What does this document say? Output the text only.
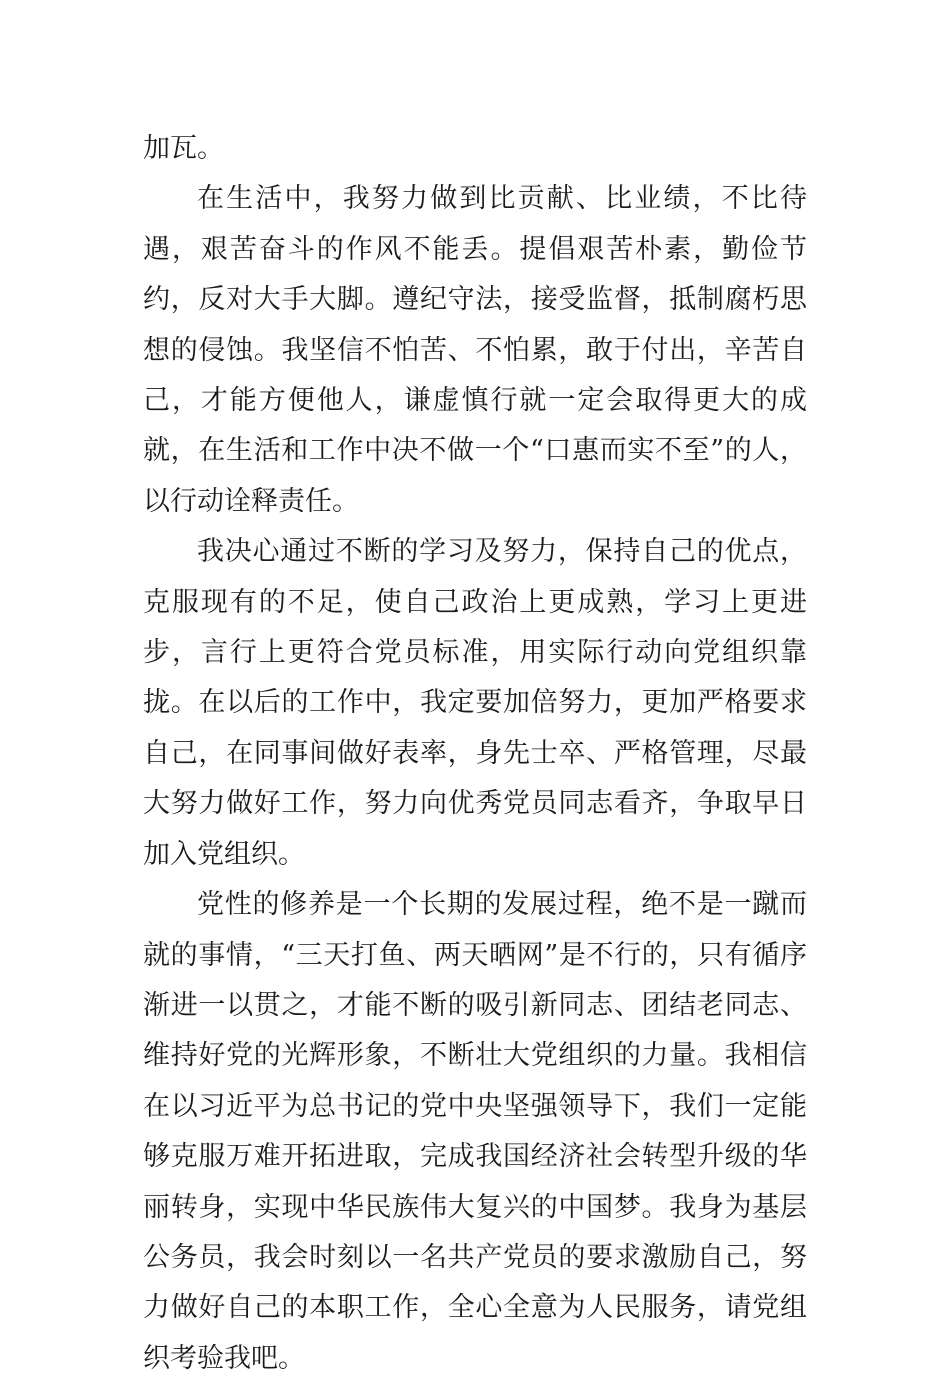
加瓦。

在生活中，我努力做到比贡献、比业绩，不比待遇，艰苦奋斗的作风不能丢。提倡艰苦朴素，勤俭节约，反对大手大脚。遵纪守法，接受监督，抵制腐朽思想的侵蚀。我坚信不怕苦、不怕累，敢于付出，辛苦自己，才能方便他人，谦虚慎行就一定会取得更大的成就，在生活和工作中决不做一个“口惠而实不至”的人，以行动诠释责任。

我决心通过不断的学习及努力，保持自己的优点，克服现有的不足，使自己政治上更成熟，学习上更进步，言行上更符合党员标准，用实际行动向党组织靠拢。在以后的工作中，我定要加倍努力，更加严格要求自己，在同事间做好表率，身先士卒、严格管理，尽最大努力做好工作，努力向优秀党员同志看齐，争取早日加入党组织。

党性的修养是一个长期的发展过程，绝不是一蹴而就的事情，“三天打鱼、两天晒网”是不行的，只有循序渐进一以贯之，才能不断的吸引新同志、团结老同志、维持好党的光辉形象，不断壮大党组织的力量。我相信在以习近平为总书记的党中央坚强领导下，我们一定能够克服万难开拓进取，完成我国经济社会转型升级的华丽转身，实现中华民族伟大复兴的中国梦。我身为基层公务员，我会时刻以一名共产党员的要求激励自己，努力做好自己的本职工作，全心全意为人民服务，请党组织考验我吧。
